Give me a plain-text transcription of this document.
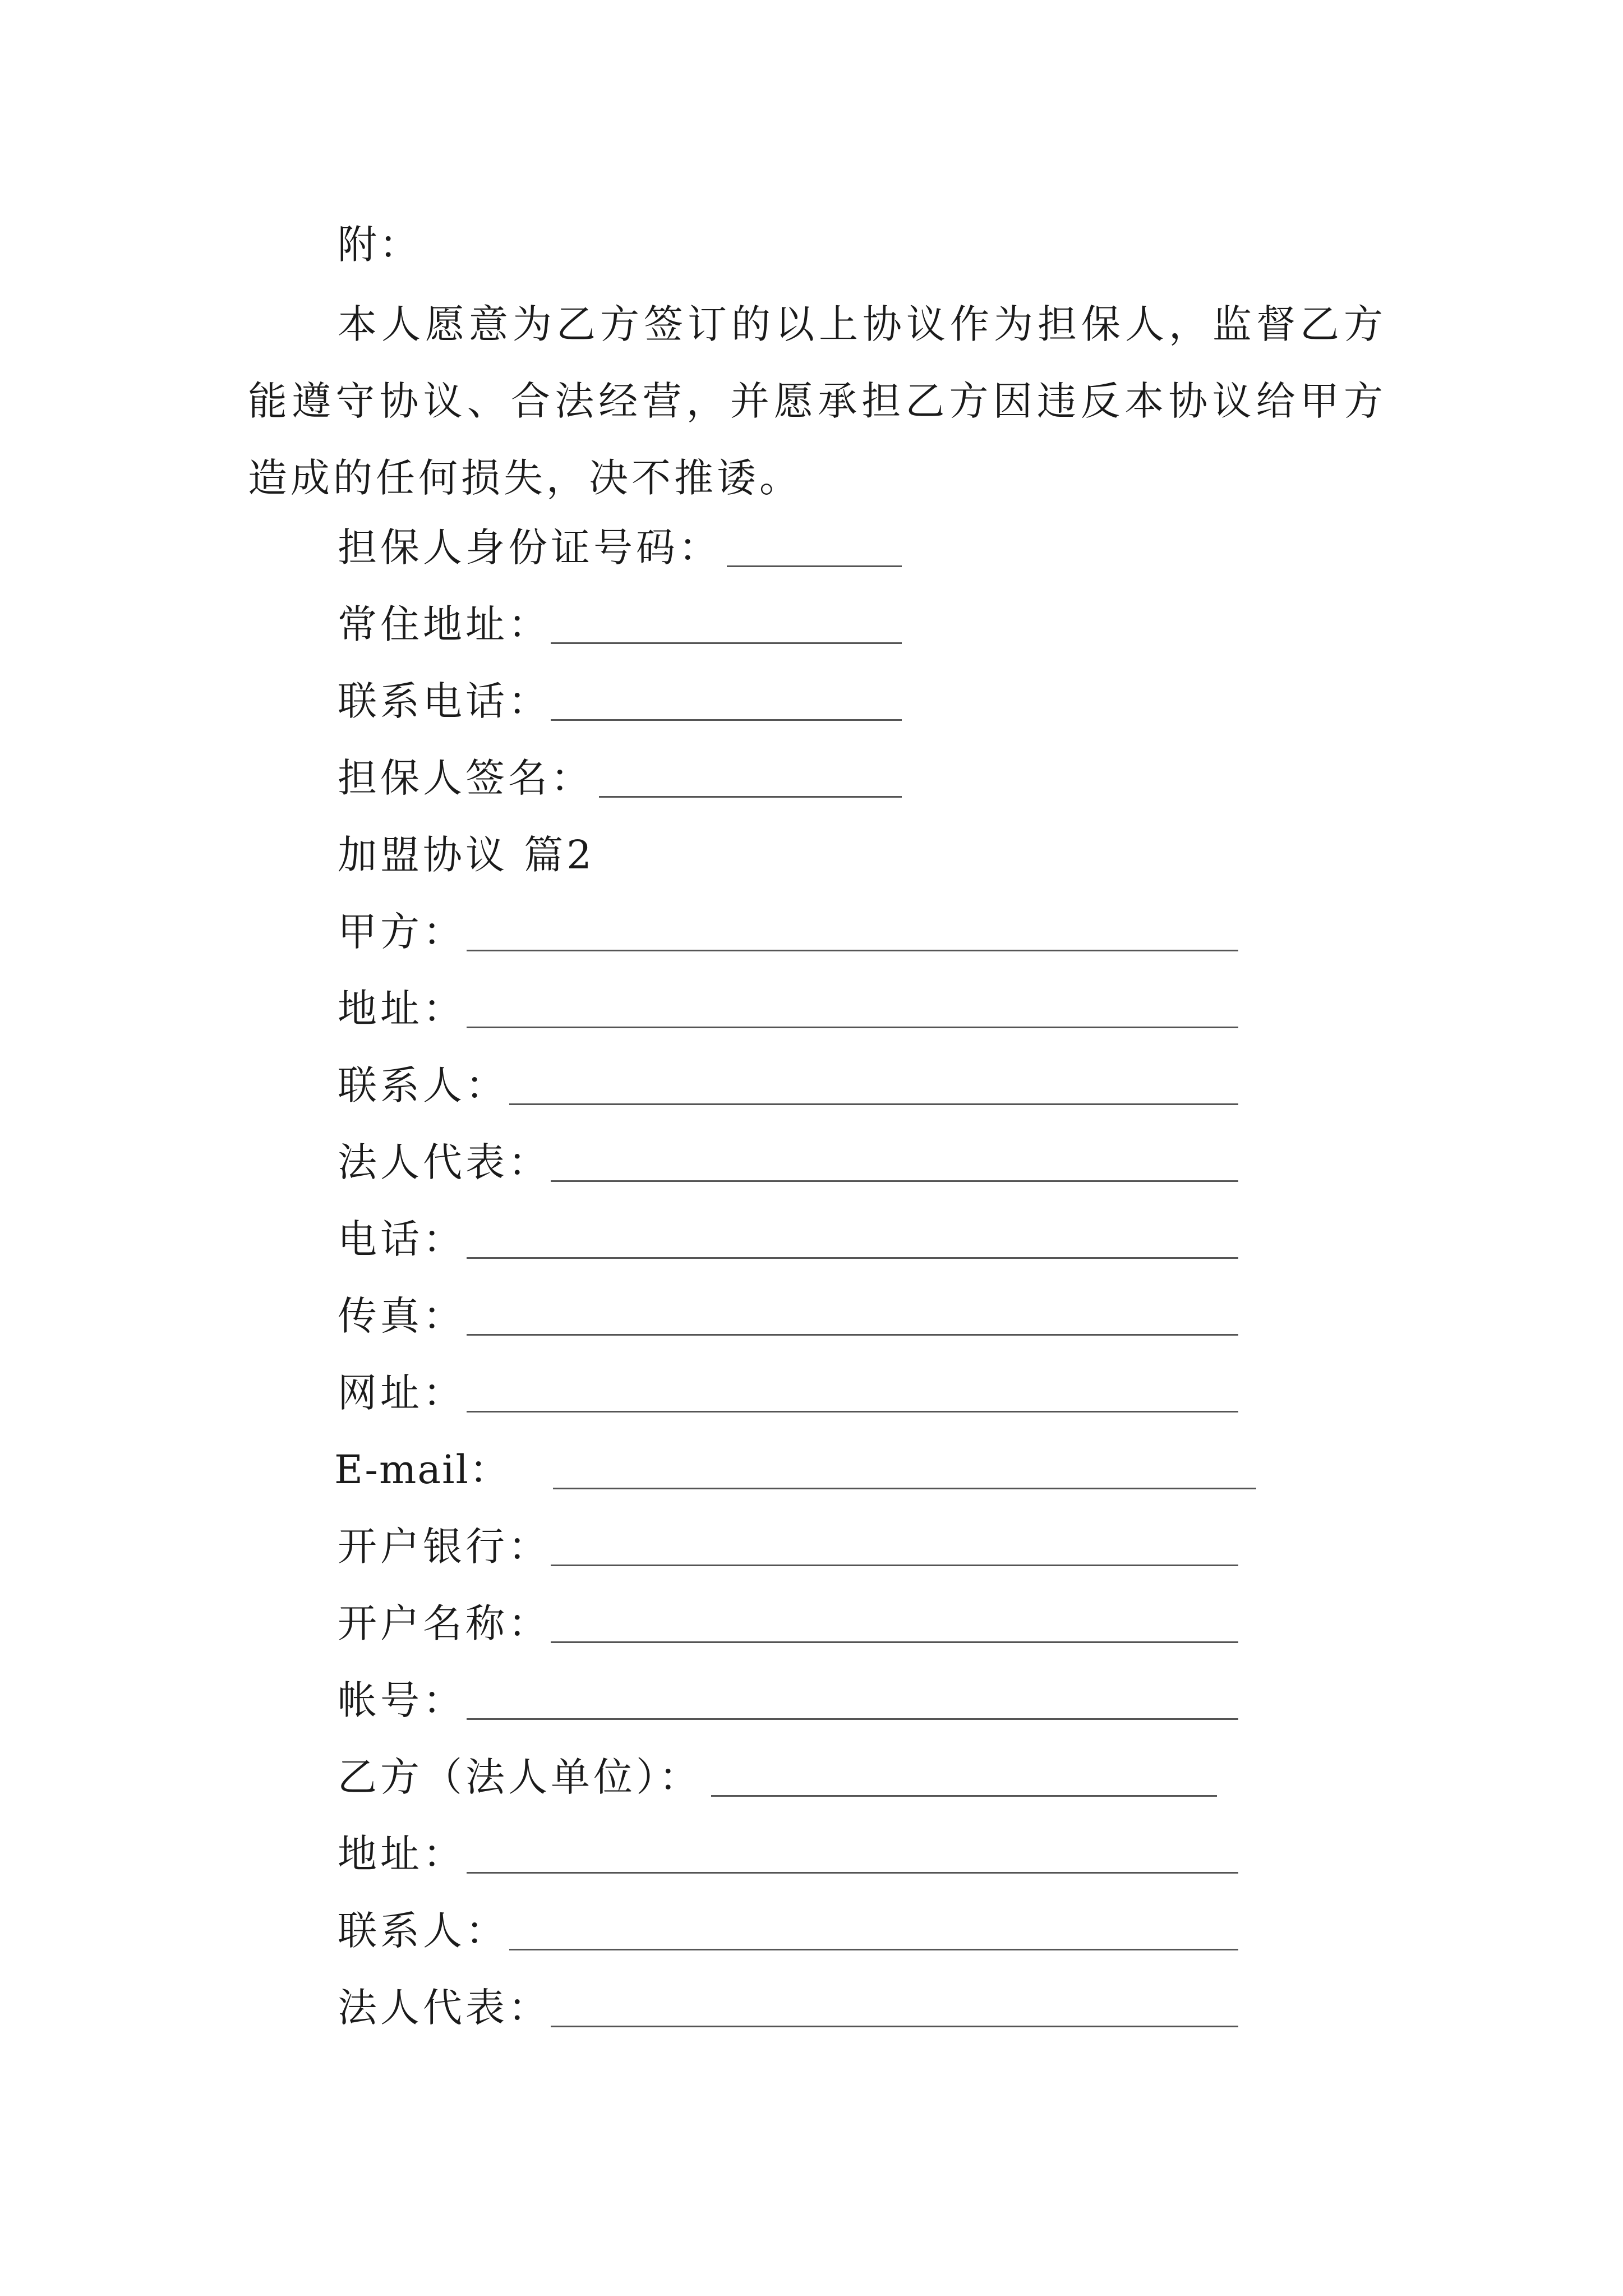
附：
本人愿意为乙方签订的以上协议作为担保人，监督乙方能遵守协议、合法经营，并愿承担乙方因违反本协议给甲方造成的任何损失，决不推诿。
担保人身份证号码：
常住地址：
联系电话：
担保人签名：
加盟协议 篇2
甲方：
地址：
联系人：
法人代表：
电话：
传真：
网址：
E-mail：
开户银行：
开户名称：
帐号：
乙方（法人单位）：
地址：
联系人：
法人代表：
